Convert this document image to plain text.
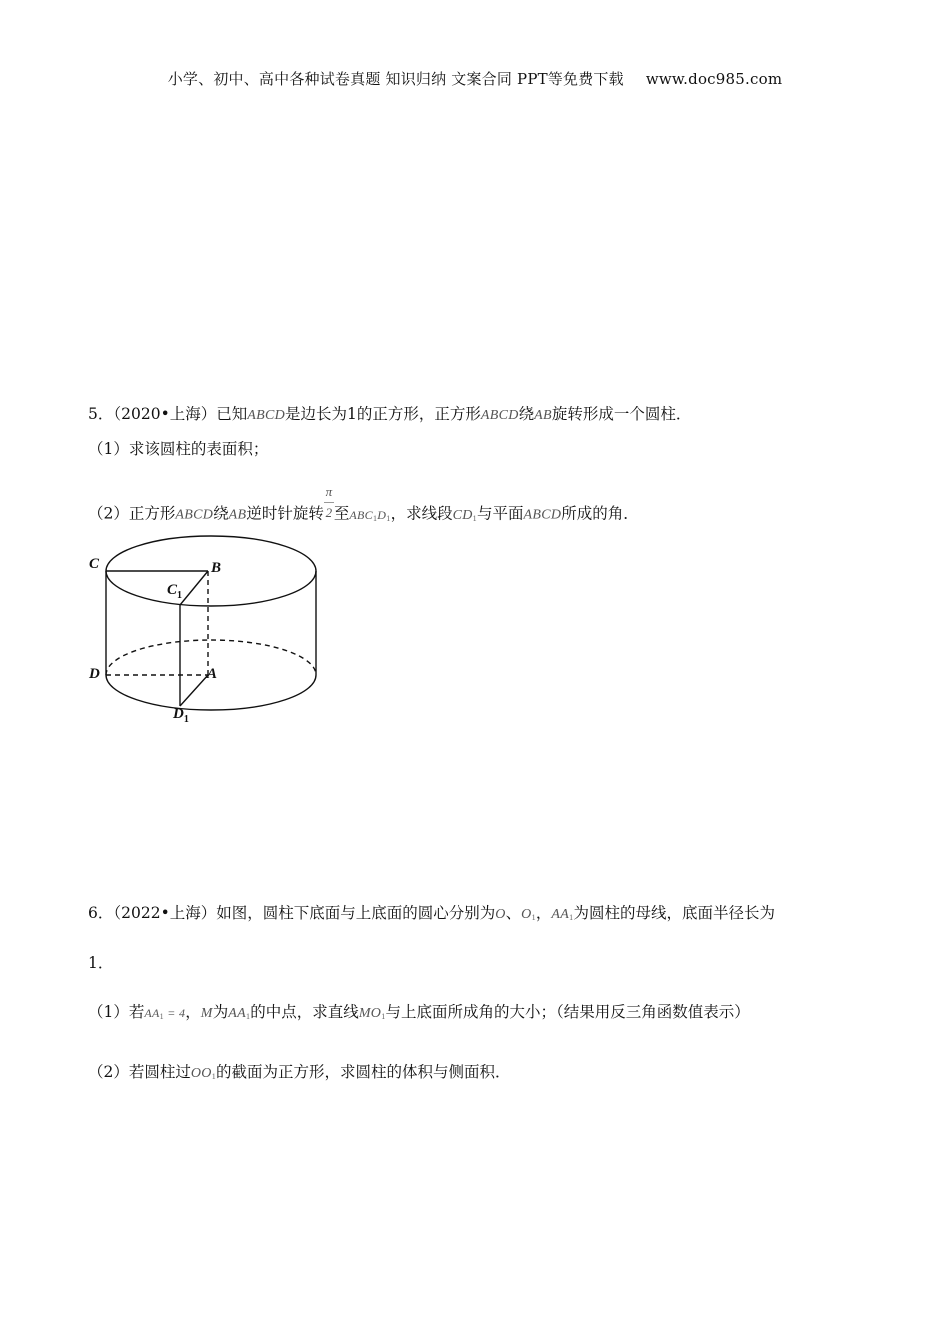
小学、初中、高中各种试卷真题 知识归纳 文案合同 PPT等免费下载 www.doc985.com
5．（2020•上海）已知ABCD是边长为1的正方形，正方形ABCD绕AB旋转形成一个圆柱．
（1）求该圆柱的表面积；
（2）正方形ABCD绕AB逆时针旋转$\frac{\pi}{2}$至ABC1D1，求线段CD1与平面ABCD所成的角．
C	B
$C_1$
D	A
$D_1$
6．（2022•上海）如图，圆柱下底面与上底面的圆心分别为O、O1，AA1为圆柱的母线，底面半径长为
1．
（1）若AA1 = 4，M为AA1的中点，求直线MO1与上底面所成角的大小；（结果用反三角函数值表示）
（2）若圆柱过OO1的截面为正方形，求圆柱的体积与侧面积．
